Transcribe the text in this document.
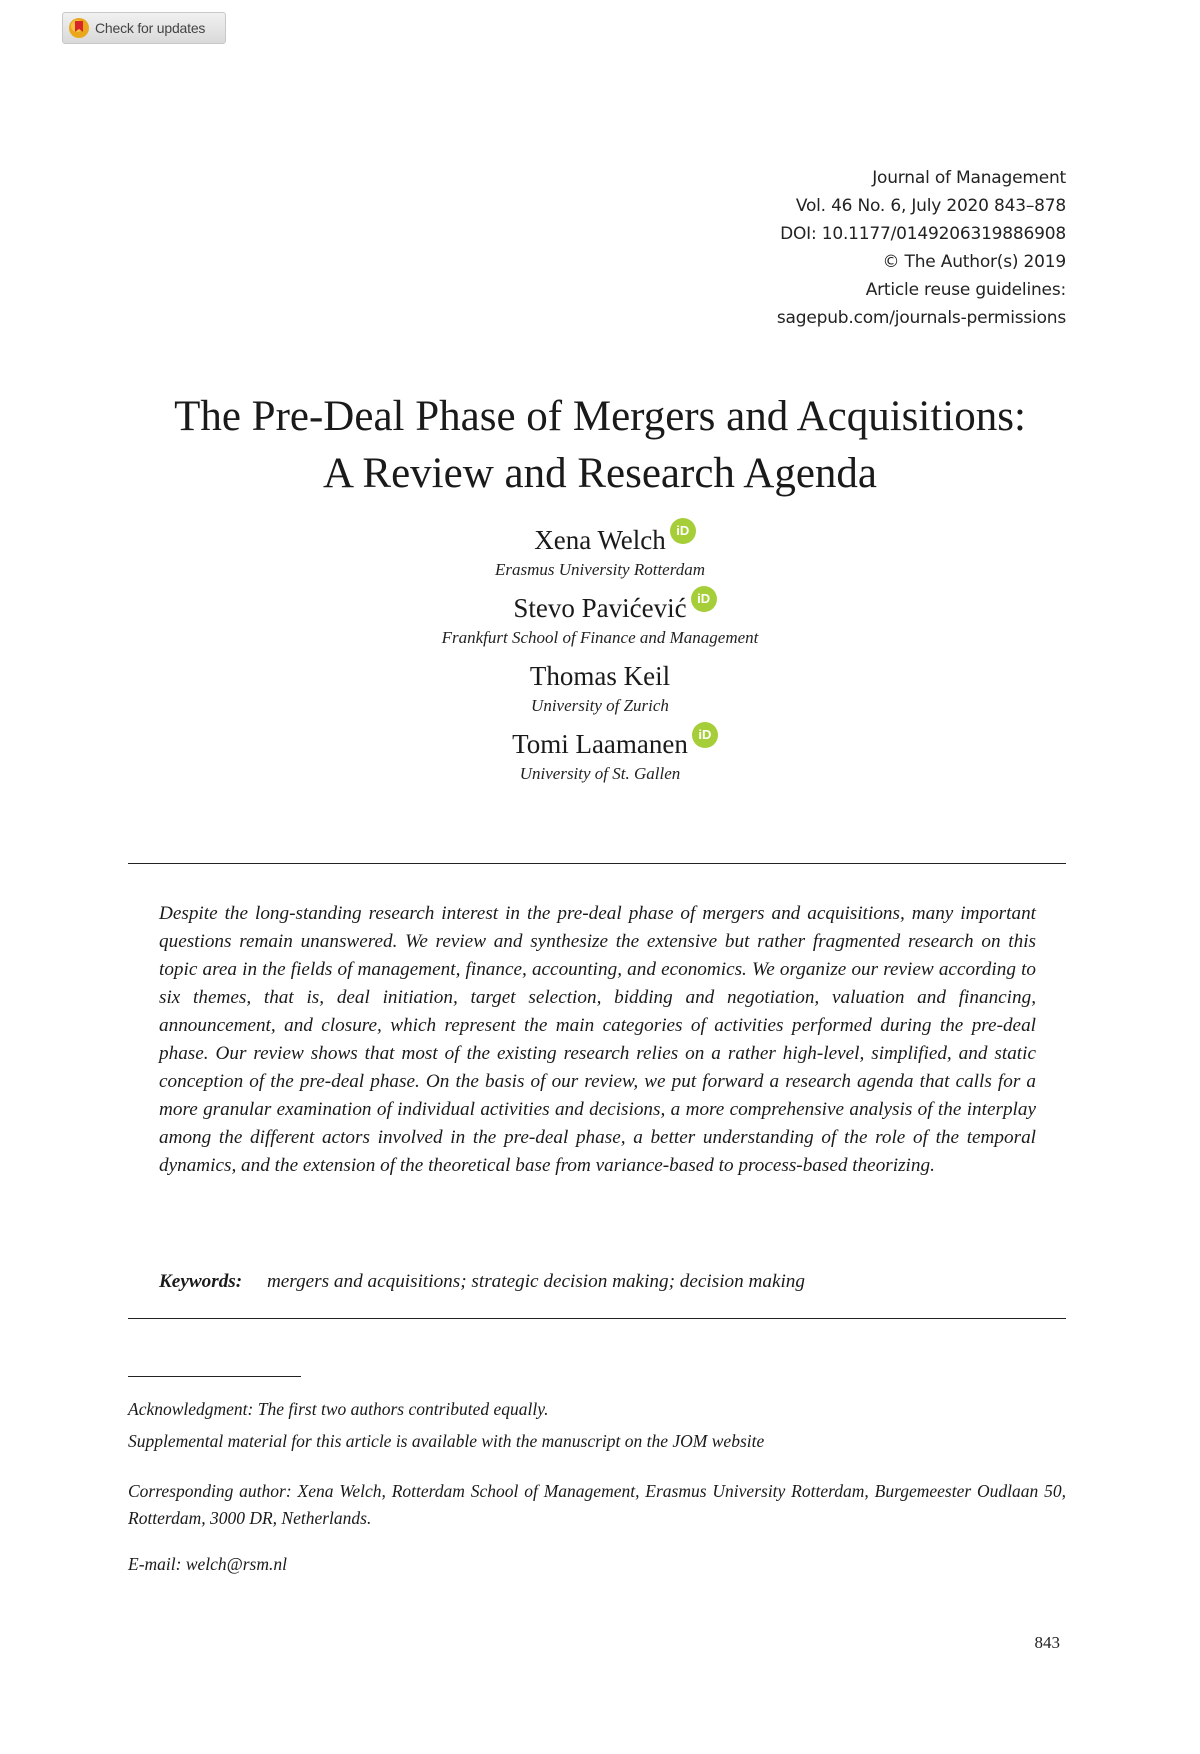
Check for updates
Journal of Management
Vol. 46 No. 6, July 2020 843–878
DOI: 10.1177/0149206319886908
© The Author(s) 2019
Article reuse guidelines:
sagepub.com/journals-permissions
The Pre-Deal Phase of Mergers and Acquisitions:
A Review and Research Agenda
Xena Welch iD
Erasmus University Rotterdam
Stevo Pavićević iD
Frankfurt School of Finance and Management
Thomas Keil
University of Zurich
Tomi Laamanen iD
University of St. Gallen

Despite the long-standing research interest in the pre-deal phase of mergers and acquisitions, many important questions remain unanswered. We review and synthesize the extensive but rather fragmented research on this topic area in the fields of management, finance, accounting, and economics. We organize our review according to six themes, that is, deal initiation, target selection, bidding and negotiation, valuation and financing, announcement, and closure, which represent the main categories of activities performed during the pre-deal phase. Our review shows that most of the existing research relies on a rather high-level, simplified, and static conception of the pre-deal phase. On the basis of our review, we put forward a research agenda that calls for a more granular examination of individual activities and decisions, a more comprehensive analysis of the interplay among the different actors involved in the pre-deal phase, a better understanding of the role of the temporal dynamics, and the extension of the theoretical base from variance-based to process-based theorizing.

Keywords: mergers and acquisitions; strategic decision making; decision making

Acknowledgment: The first two authors contributed equally.

Supplemental material for this article is available with the manuscript on the JOM website

Corresponding author: Xena Welch, Rotterdam School of Management, Erasmus University Rotterdam, Burgemeester Oudlaan 50, Rotterdam, 3000 DR, Netherlands.

E-mail: welch@rsm.nl

843
